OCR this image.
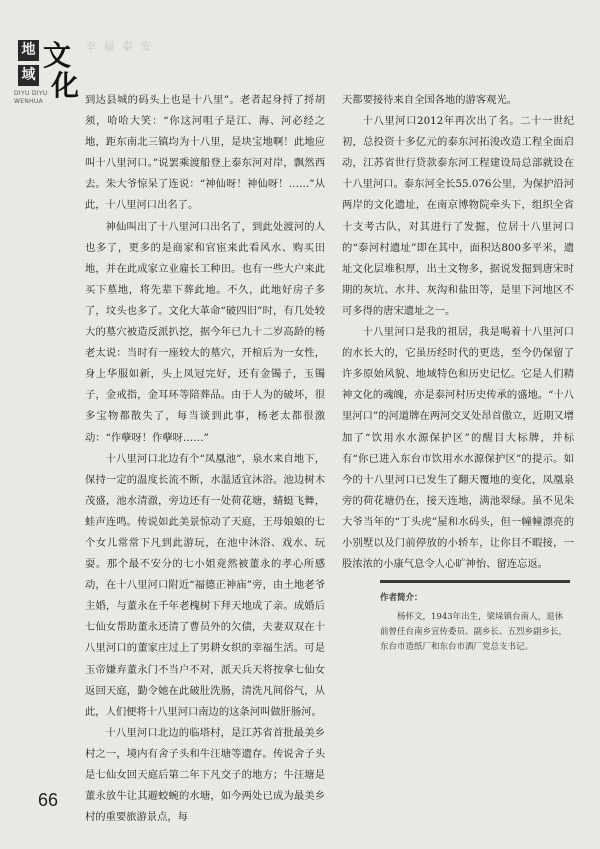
幸 福 泰 安
地
域
文
化
DIYU DIYU
WENHUA	到达县城的码头上也是十八里”。老者起身捋了捋胡须，哈哈大笑：“你这河咀子是江、海、河必经之地，距东南北三镇均为十八里，是块宝地啊！此地应叫十八里河口。”说罢乘渡船登上泰东河对岸，飘然西去。朱大爷惊呆了连说：“神仙呀！神仙呀！……”从此，十八里河口出名了。

神仙叫出了十八里河口出名了，到此处渡河的人也多了，更多的是商家和官宦来此看风水、购买田地，并在此成家立业雇长工种田。也有一些大户来此买下墓地，将先辈下葬此地。不久，此地好房子多了，坟头也多了。文化大革命“破四旧”时，有几处较大的墓穴被造反派扒挖，据今年已九十二岁高龄的杨老太说：当时有一座较大的墓穴，开棺后为一女性，身上华服如新，头上凤冠完好，还有金镯子，玉镯子，金戒指，金耳环等陪葬品。由于人为的破坏，很多宝物都散失了，每当谈到此事，杨老太都很激动：“作孽呀！作孽呀……”

十八里河口北边有个“凤凰池”，泉水来自地下，保持一定的温度长流不断，水温适宜沐浴。池边树木茂盛，池水清澈，旁边还有一处荷花塘，蜻蜓飞舞，蛙声连鸣。传说如此美景惊动了天庭，王母娘娘的七个女儿常常下凡到此游玩，在池中沐浴、戏水、玩耍。那个最不安分的七小姐竟然被董永的孝心所感动，在十八里河口附近“福德正神庙”旁，由土地老爷主婚，与董永在千年老槐树下拜天地成了亲。成婚后七仙女帮助董永还清了曹员外的欠债，夫妻双双在十八里河口的董家庄过上了男耕女织的幸福生活。可是玉帝嫌弃董永门不当户不对，派天兵天将按拿七仙女返回天庭，勤令她在此破肚洗肠，清洗凡间俗气，从此，人们便将十八里河口南边的这条河叫做肝肠河。

十八里河口北边的临塔村，是江苏省首批最美乡村之一，境内有舍子头和牛汪塘等遗存。传说舍子头是七仙女回天庭后第二年下凡交子的地方；牛汪塘是董永放牛让其避蛟蜿的水塘，如今两处已成为最美乡村的重要旅游景点，每

天都要接待来自全国各地的游客观光。

十八里河口2012年再次出了名。二十一世纪初，总投资十多亿元的泰东河拓浚改造工程全面启动，江苏省世行贷款泰东河工程建设局总部就设在十八里河口。泰东河全长55.076公里，为保护沿河两岸的文化遗址，在南京博物院牵头下，组织全省十支考古队，对其进行了发掘，位居十八里河口的“泰河村遗址”即在其中，面积达800多平米，遗址文化层堆积厚，出土文物多，据说发掘到唐宋时期的灰坑、水井、灰沟和盐田等，是里下河地区不可多得的唐宋遗址之一。

十八里河口是我的祖居，我是喝着十八里河口的水长大的，它虽历经时代的更迭，至今仍保留了许多原始风貌、地域特色和历史记忆。它是人们精神文化的魂魄，亦是泰河村历史传承的盛地。“十八里河口”的河道牌在两河交叉处昂首傲立，近期又增加了“饮用水水源保护区”的醒目大标牌，并标有“你已进入东台市饮用水水源保护区”的提示。如今的十八里河口已发生了翻天覆地的变化，凤凰泉旁的荷花塘仍在，接天连地，满池翠绿。虽不见朱大爷当年的“丁头虎”屋和水码头，但一幢幢漂亮的小别墅以及门前停放的小轿车，让你目不暇接，一股浓浓的小康气息令人心旷神怡、留连忘返。

作者简介：

杨怀文，1943年出生，梁垛镇台南人，退休前曾任台南乡宣传委员、副乡长、五烈乡副乡长，东台市造纸厂和东台市酒厂党总支书记。

66
